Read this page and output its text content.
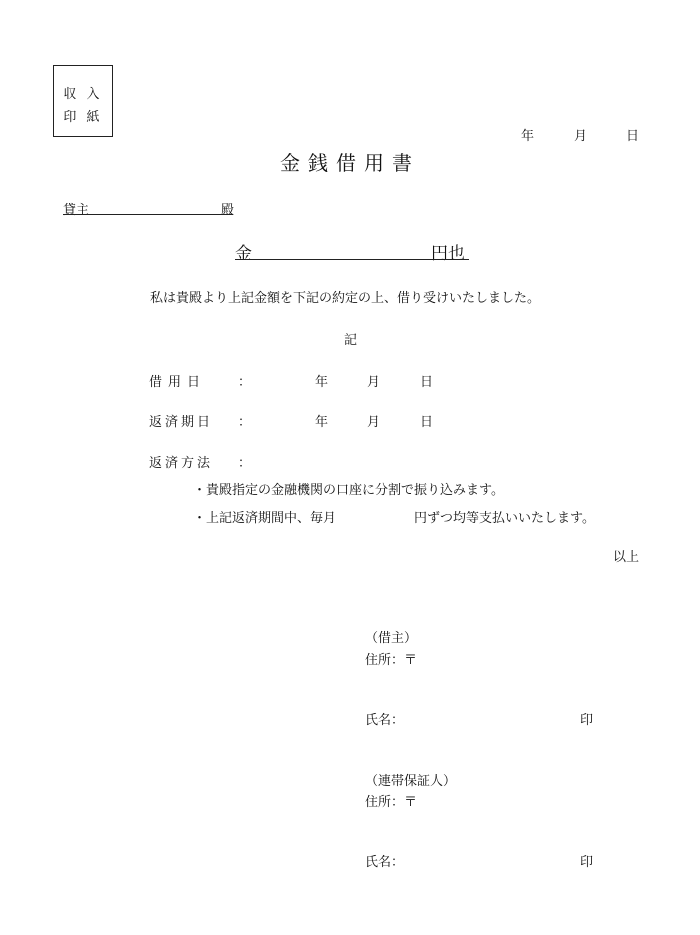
収 入
印 紙
年	月	日
金銭借用書
貸主	殿
金	円也
私は貴殿より上記金額を下記の約定の上、借り受けいたしました。
記
借用日 ：	年	月	日
返済期日 ：	年	月	日
返済方法 ：
・貴殿指定の金融機関の口座に分割で振り込みます。
・上記返済期間中、毎月	円ずつ均等支払いいたします。
以上
（借主）
住所：〒
氏名：	印
（連帯保証人）
住所：〒
氏名：	印
